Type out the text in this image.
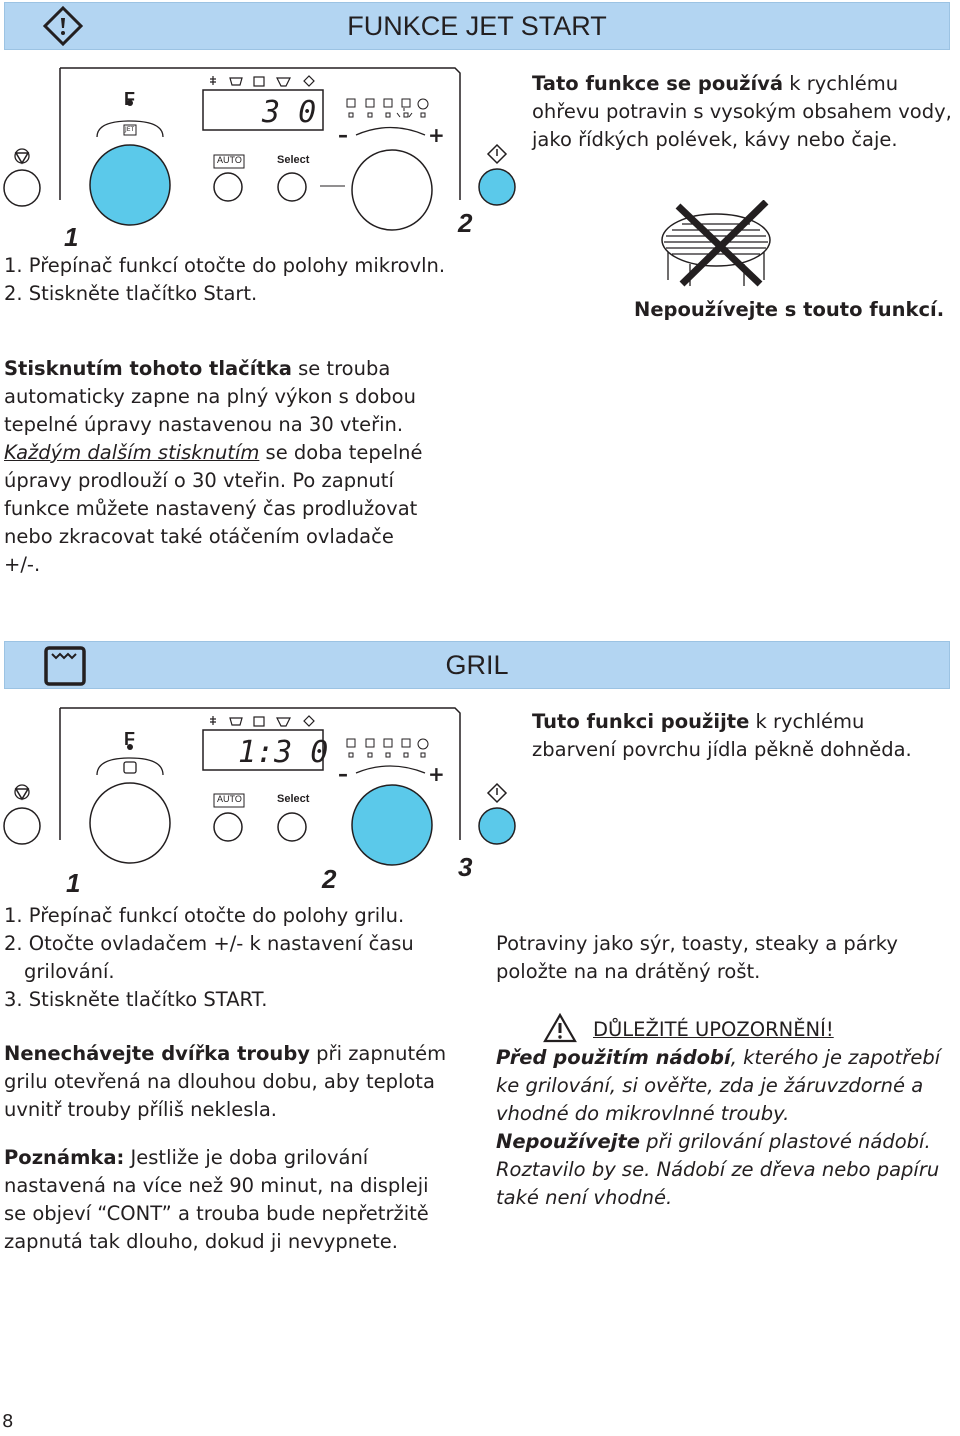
FUNKCE JET START
F
JET	3 0
AUTO	Select
–	+
1	2

Tato funkce se používá k rychlému ohřevu potravin s vysokým obsahem vody, jako řídkých polévek, kávy nebo čaje.

Nepoužívejte s touto funkcí.

1. Přepínač funkcí otočte do polohy mikrovln.

2. Stiskněte tlačítko Start.

Stisknutím tohoto tlačítka se trouba automaticky zapne na plný výkon s dobou tepelné úpravy nastavenou na 30 vteřin. Každým dalším stisknutím se doba tepelné úpravy prodlouží o 30 vteřin. Po zapnutí funkce můžete nastavený čas prodlužovat nebo zkracovat také otáčením ovladače +/-.

GRIL
F	1:3 0
AUTO	Select
–	+
1	2	3

Tuto funkci použijte k rychlému zbarvení povrchu jídla pěkně dohněda.

1. Přepínač funkcí otočte do polohy grilu.

2. Otočte ovladačem +/- k nastavení času

grilování.

3. Stiskněte tlačítko START.

Potraviny jako sýr, toasty, steaky a párky položte na na drátěný rošt.

Nenechávejte dvířka trouby při zapnutém grilu otevřená na dlouhou dobu, aby teplota uvnitř trouby příliš neklesla.

Poznámka: Jestliže je doba grilování nastavená na více než 90 minut, na displeji se objeví “CONT” a trouba bude nepřetržitě zapnutá tak dlouho, dokud ji nevypnete.

DŮLEŽITÉ UPOZORNĚNÍ!

Před použitím nádobí, kterého je zapotřebí ke grilování, si ověřte, zda je žáruvzdorné a vhodné do mikrovlnné trouby.
Nepoužívejte při grilování plastové nádobí. Roztavilo by se. Nádobí ze dřeva nebo papíru také není vhodné.

8
